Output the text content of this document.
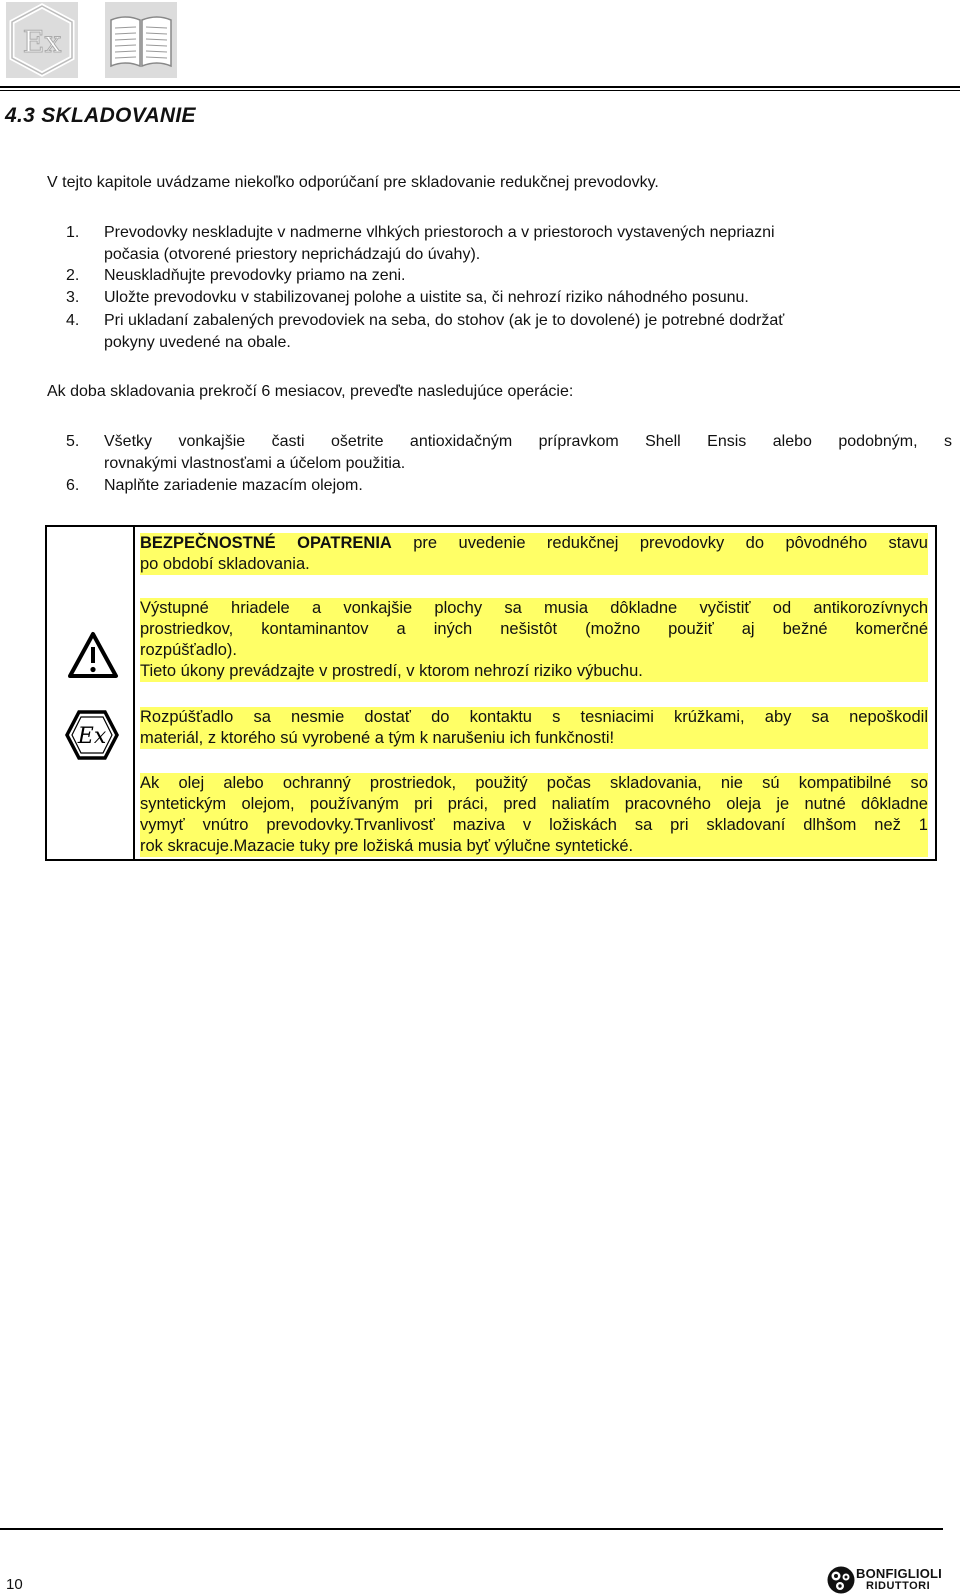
Ex
4.3 SKLADOVANIE

V tejto kapitole uvádzame niekoľko odporúčaní pre skladovanie redukčnej prevodovky.

1. Prevodovky neskladujte v nadmerne vlhkých priestoroch a v priestoroch vystavených nepriazni
počasia (otvorené priestory neprichádzajú do úvahy).
2. Neuskladňujte prevodovky priamo na zeni.
3. Uložte prevodovku v stabilizovanej polohe a uistite sa, či nehrozí riziko náhodného posunu.
4. Pri ukladaní zabalených prevodoviek na seba, do stohov (ak je to dovolené) je potrebné dodržať
pokyny uvedené na obale.

Ak doba skladovania prekročí 6 mesiacov, preveďte nasledujúce operácie:

5. Všetky vonkajšie časti ošetrite antioxidačným prípravkom Shell Ensis alebo podobným, s
rovnakými vlastnosťami a účelom použitia.
6. Naplňte zariadenie mazacím olejom.
Ex
BEZPEČNOSTNÉ OPATRENIA pre uvedenie redukčnej prevodovky do pôvodného stavu
po období skladovania.
Výstupné hriadele a vonkajšie plochy sa musia dôkladne vyčistiť od antikorozívnych
prostriedkov, kontaminantov a iných nešistôt (možno použiť aj bežné komerčné
rozpúšťadlo).
Tieto úkony prevádzajte v prostredí, v ktorom nehrozí riziko výbuchu.
Rozpúšťadlo sa nesmie dostať do kontaktu s tesniacimi krúžkami, aby sa nepoškodil
materiál, z ktorého sú vyrobené a tým k narušeniu ich funkčnosti!
Ak olej alebo ochranný prostriedok, použitý počas skladovania, nie sú kompatibilné so
syntetickým olejom, používaným pri práci, pred naliatím pracovného oleja je nutné dôkladne
vymyť vnútro prevodovky.Trvanlivosť maziva v ložiskách sa pri skladovaní dlhšom než 1
rok skracuje.Mazacie tuky pre ložiská musia byť výlučne syntetické.
10
BONFIGLIOLI
RIDUTTORI
